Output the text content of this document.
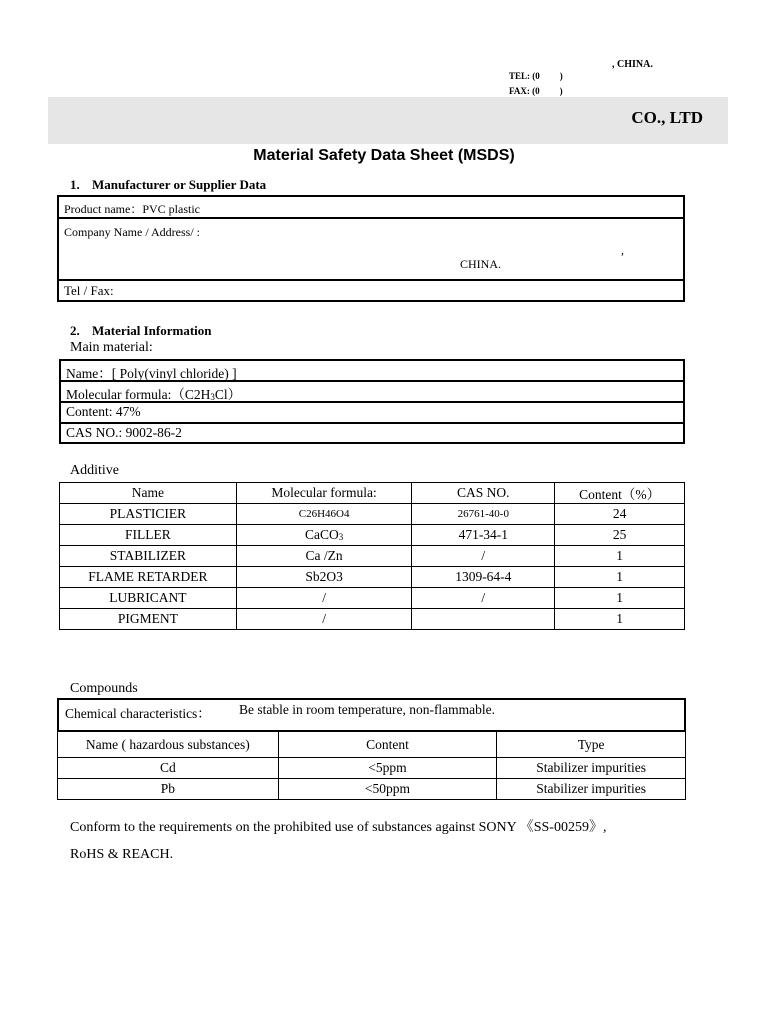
, CHINA.
TEL: (0 )
FAX: (0 )
CO., LTD
Material Safety Data Sheet (MSDS)
1. Manufacturer or Supplier Data
Product name：PVC plastic
Company Name / Address/ :
,
CHINA.
Tel / Fax:
2. Material Information
Main material:
Name：[ Poly(vinyl chloride) ]
Molecular $formula:(C2H_3Cl)$
Content: 47%
CAS NO.: 9002-86-2
Additive
Name	Molecular formula:	CAS NO.	Content（%）
PLASTICIER	C26H46O4	26761-40-0	24
FILLER	CaCO$_3$	471-34-1	25
STABILIZER	Ca /Zn	/	1
FLAME RETARDER	Sb2O3	1309-64-4	1
LUBRICANT	/	/	1
PIGMENT	/		1
Compounds
Chemical characteristics： Be stable in room temperature, non-flammable.
Name ( hazardous substances)	Content	Type
Cd	<5ppm	Stabilizer impurities
Pb	<50ppm	Stabilizer impurities
Conform to the requirements on the prohibited use of substances against SONY 《SS-00259》,
RoHS & REACH.
